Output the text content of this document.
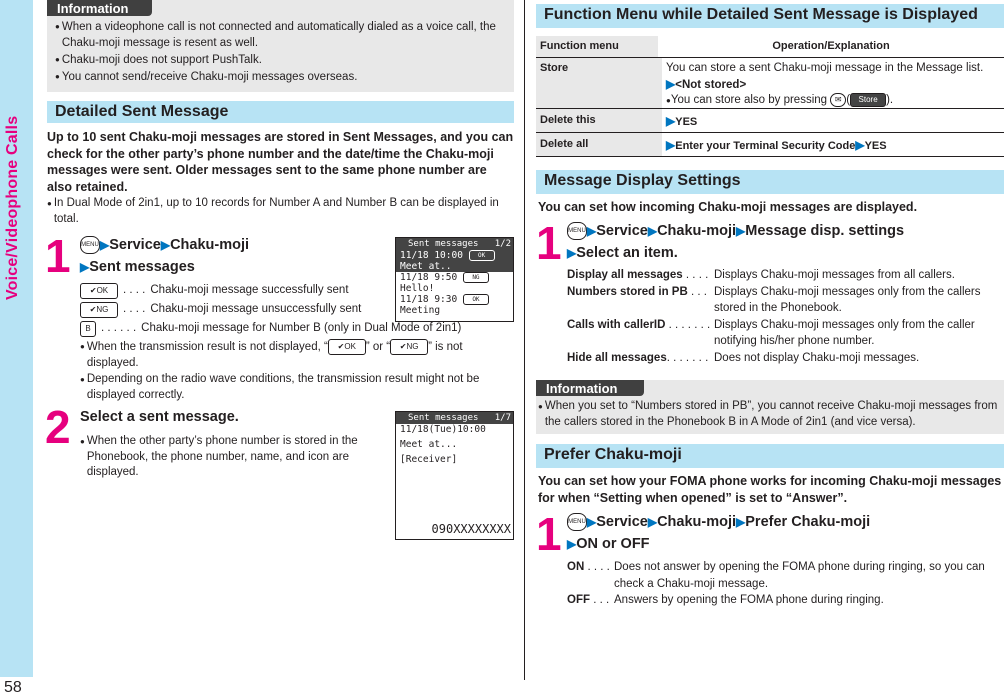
Voice/Videophone Calls
58
Information

● When a videophone call is not connected and automatically dialed as a voice call, the Chaku-moji message is resent as well.

● Chaku-moji does not support PushTalk.

● You cannot send/receive Chaku-moji messages overseas.

Detailed Sent Message
Up to 10 sent Chaku-moji messages are stored in Sent Messages, and you can check for the other party’s phone number and the date/time the Chaku-moji messages were sent. Older messages sent to the same phone number are also retained.
● In Dual Mode of 2in1, up to 10 records for Number A and Number B can be displayed in total.
1 MENU▶Service▶Chaku-moji
▶Sent messages
✔OK	. . . . Chaku-moji message successfully sent
✔NG	. . . . Chaku-moji message unsuccessfully sent
B . . . . . . Chaku-moji message for Number B (only in Dual Mode of 2in1)
● When the transmission result is not displayed, “ ✔OK ” or “ ✔NG ” is not displayed.
● Depending on the radio wave conditions, the transmission result might not be displayed correctly.
Sent messages 1/2
11/18 10:00	OK
Meet at..
11/18 9:50	NG
Hello!
11/18 9:30	OK
Meeting
2 Select a sent message.
● When the other party’s phone number is stored in the Phonebook, the phone number, name, and icon are displayed.
Sent messages 1/7
11/18(Tue)10:00
Meet at...
[Receiver]
090XXXXXXXX
Function Menu while Detailed Sent Message is Displayed
Function menu	Operation/Explanation
Store	You can store a sent Chaku-moji message in the Message list.
▶<Not stored>
●You can store also by pressing ✉ ( Store ).
Delete this	▶YES
Delete all	▶Enter your Terminal Security Code▶YES
Message Display Settings
You can set how incoming Chaku-moji messages are displayed.
1 MENU▶Service▶Chaku-moji▶Message disp. settings
▶Select an item.
Display all messages . . . . Displays Chaku-moji messages from all callers.
Numbers stored in PB . . . Displays Chaku-moji messages only from the callers stored in the Phonebook.
Calls with callerID . . . . . . . Displays Chaku-moji messages only from the caller notifying his/her phone number.
Hide all messages. . . . . . . Does not display Chaku-moji messages.
Information
● When you set to “Numbers stored in PB”, you cannot receive Chaku-moji messages from the callers stored in the Phonebook B in A Mode of 2in1 (and vice versa).
Prefer Chaku-moji
You can set how your FOMA phone works for incoming Chaku-moji messages for when “Setting when opened” is set to “Answer”.
1 MENU▶Service▶Chaku-moji▶Prefer Chaku-moji
▶ON or OFF
ON . . . . Does not answer by opening the FOMA phone during ringing, so you can check a Chaku-moji message.
OFF . . . Answers by opening the FOMA phone during ringing.
